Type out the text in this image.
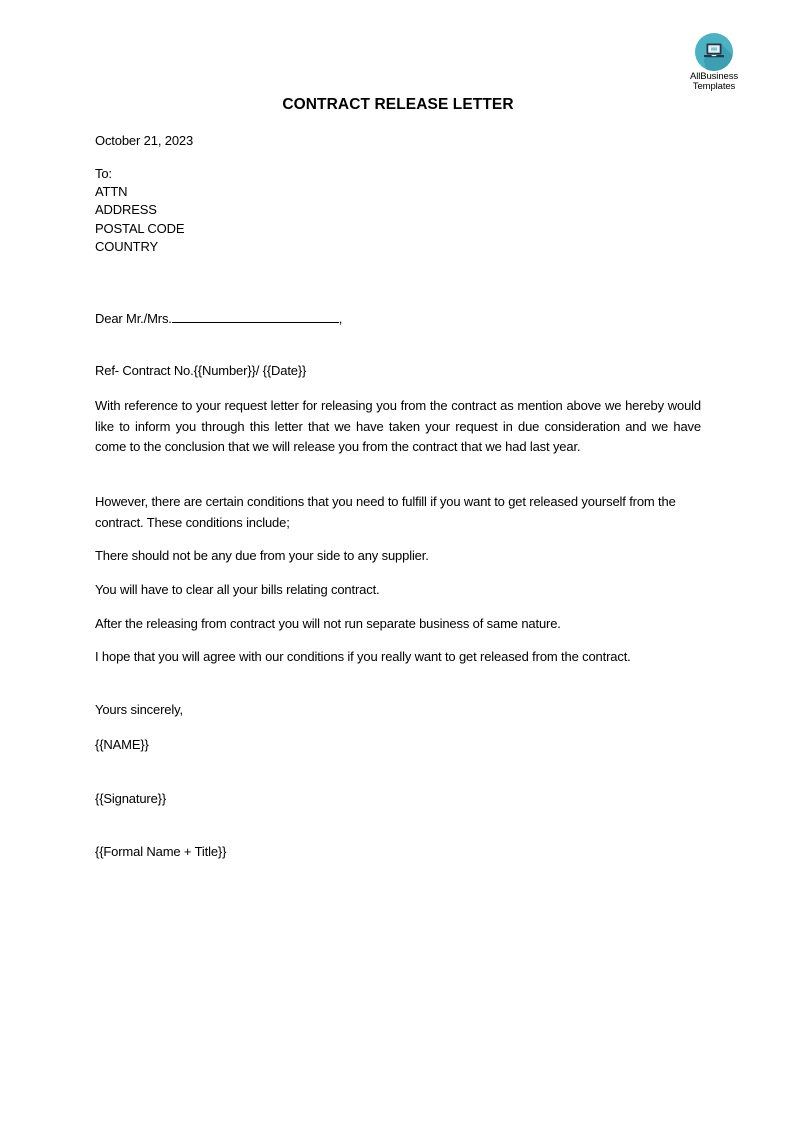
AllBusiness
Templates
CONTRACT RELEASE LETTER
October 21, 2023
To:
ATTN
ADDRESS
POSTAL CODE
COUNTRY
Dear Mr./Mrs.	,
Ref- Contract No.{{Number}}/ {{Date}}
With reference to your request letter for releasing you from the contract as mention above we hereby would like to inform you through this letter that we have taken your request in due consideration and we have come to the conclusion that we will release you from the contract that we had last year.
However, there are certain conditions that you need to fulfill if you want to get released yourself from the contract. These conditions include;
There should not be any due from your side to any supplier.
You will have to clear all your bills relating contract.
After the releasing from contract you will not run separate business of same nature.
I hope that you will agree with our conditions if you really want to get released from the contract.
Yours sincerely,
{{NAME}}
{{Signature}}
{{Formal Name + Title}}
